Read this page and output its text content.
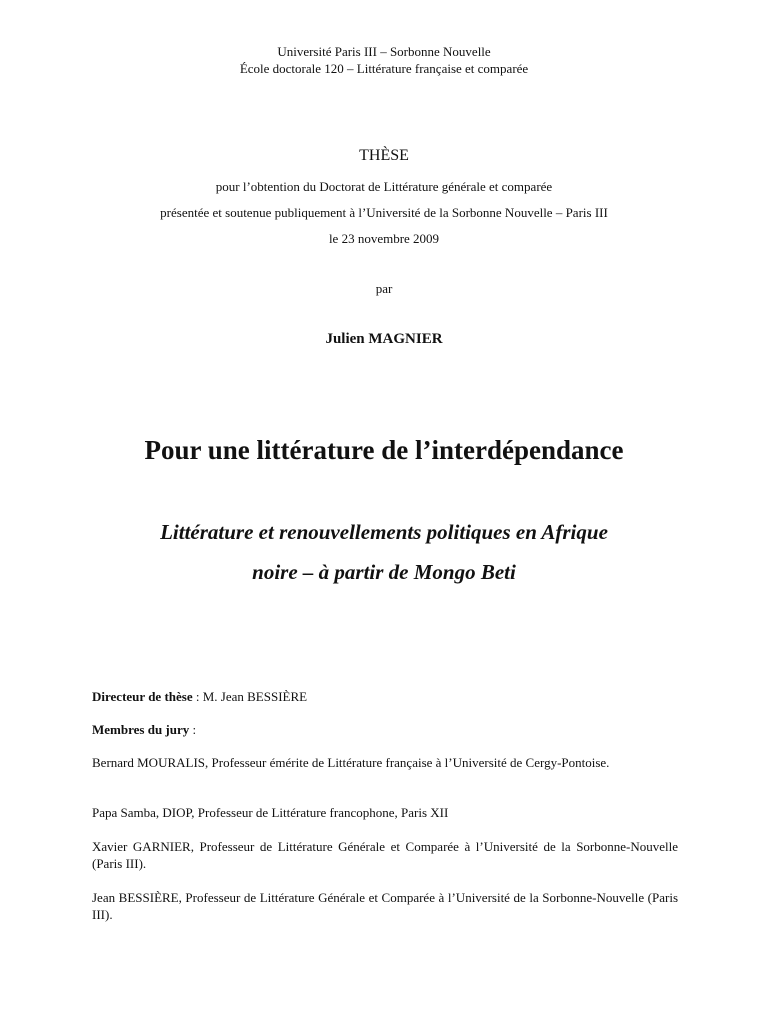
Université Paris III – Sorbonne Nouvelle
École doctorale 120 – Littérature française et comparée
THÈSE
pour l’obtention du Doctorat de Littérature générale et comparée
présentée et soutenue publiquement à l’Université de la Sorbonne Nouvelle – Paris III
le 23 novembre 2009
par
Julien MAGNIER
Pour une littérature de l’interdépendance
Littérature et renouvellements politiques en Afrique
noire – à partir de Mongo Beti
Directeur de thèse : M. Jean BESSIÈRE
Membres du jury :
Bernard MOURALIS, Professeur émérite de Littérature française à l’Université de Cergy-Pontoise.
Papa Samba, DIOP, Professeur de Littérature francophone, Paris XII
Xavier GARNIER, Professeur de Littérature Générale et Comparée à l’Université de la Sorbonne-Nouvelle (Paris III).
Jean BESSIÈRE, Professeur de Littérature Générale et Comparée à l’Université de la Sorbonne-Nouvelle (Paris III).
